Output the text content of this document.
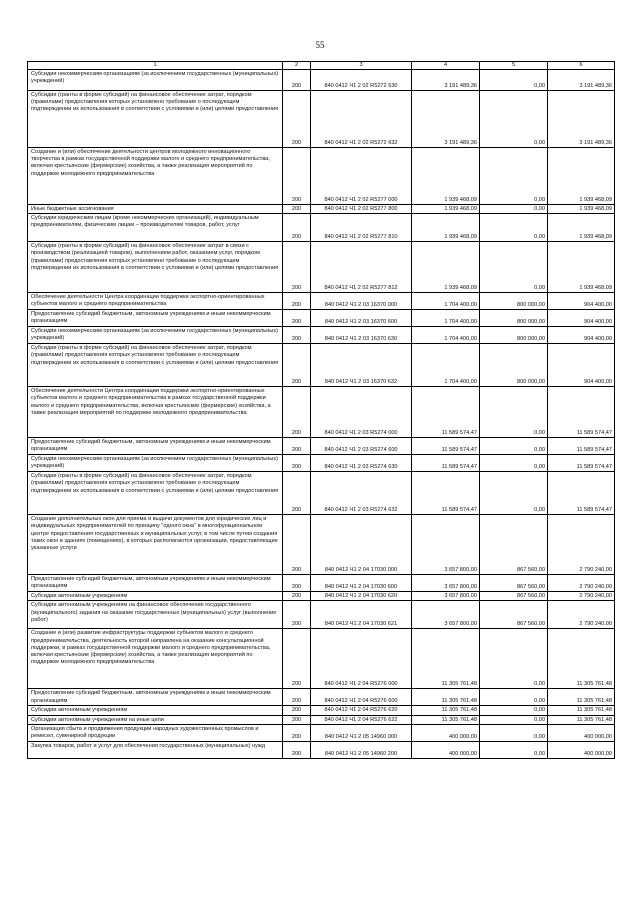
55
1	2	3	4	5	6
Субсидии некоммерческим организациям (за исключением государственных (муниципальных) учреждений)	200	840 0412 Ч1 2 02 R5272 630	3 191 489,36	0,00	3 191 489,36
Субсидии (гранты в форме субсидий) на финансовое обеспечение затрат, порядком (правилами) предоставления которых установлено требование о последующем подтверждении их использования в соответствии с условиями и (или) целями предоставления	200	840 0412 Ч1 2 02 R5272 632	3 191 489,36	0,00	3 191 489,36
Создание и (или) обеспечение деятельности центров молодежного инновационного творчества в рамках государственной поддержки малого и среднего предпринимательства, включая крестьянские (фермерские) хозяйства, а также реализация мероприятий по поддержке молодежного предпринимательства	200	840 0412 Ч1 2 02 R5277 000	1 939 468,09	0,00	1 939 468,09
Иные бюджетные ассигнования	200	840 0412 Ч1 2 02 R5277 800	1 939 468,09	0,00	1 939 468,09
Субсидии юридическим лицам (кроме некоммерческих организаций), индивидуальным предпринимателям, физическим лицам – производителям товаров, работ, услуг	200	840 0412 Ч1 2 02 R5277 810	1 939 468,09	0,00	1 939 468,09
Субсидии (гранты в форме субсидий) на финансовое обеспечение затрат в связи с производством (реализацией товаров), выполнением работ, оказанием услуг, порядком (правилами) предоставления которых установлено требование о последующем подтверждении их использования в соответствии с условиями и (или) целями предоставления	200	840 0412 Ч1 2 02 R5277 812	1 939 468,09	0,00	1 939 468,09
Обеспечение деятельности Центра координации поддержки экспортно-ориентированных субъектов малого и среднего предпринимательства	200	840 0412 Ч1 2 03 16370 000	1 704 400,00	800 000,00	904 400,00
Предоставление субсидий бюджетным, автономным учреждениям и иным некоммерческим организациям	200	840 0412 Ч1 2 03 16370 600	1 704 400,00	800 000,00	904 400,00
Субсидии некоммерческим организациям (за исключением государственных (муниципальных) учреждений)	200	840 0412 Ч1 2 03 16370 630	1 704 400,00	800 000,00	904 400,00
Субсидии (гранты в форме субсидий) на финансовое обеспечение затрат, порядком (правилами) предоставления которых установлено требование о последующем подтверждении их использования в соответствии с условиями и (или) целями предоставления	200	840 0412 Ч1 2 03 16370 632	1 704 400,00	800 000,00	904 400,00
Обеспечение деятельности Центра координации поддержки экспортно-ориентированных субъектов малого и среднего предпринимательства в рамках государственной поддержки малого и среднего предпринимательства, включая крестьянские (фермерские) хозяйства, а также реализация мероприятий по поддержке молодежного предпринимательства	200	840 0412 Ч1 2 03 R5274 000	11 589 574,47	0,00	11 589 574,47
Предоставление субсидий бюджетным, автономным учреждениям и иным некоммерческим организациям	200	840 0412 Ч1 2 03 R5274 600	11 589 574,47	0,00	11 589 574,47
Субсидии некоммерческим организациям (за исключением государственных (муниципальных) учреждений)	200	840 0412 Ч1 2 03 R5274 630	11 589 574,47	0,00	11 589 574,47
Субсидии (гранты в форме субсидий) на финансовое обеспечение затрат, порядком (правилами) предоставления которых установлено требование о последующем подтверждении их использования в соответствии с условиями и (или) целями предоставления	200	840 0412 Ч1 2 03 R5274 632	11 589 574,47	0,00	11 589 574,47
Создание дополнительных окон для приема и выдачи документов для юридических лиц и индивидуальных предпринимателей по принципу "одного окна" в многофункциональном центре предоставления государственных и муниципальных услуг, в том числе путем создания таких окон в зданиях (помещениях), в которых располагаются организации, предоставляющие указанные услуги	200	840 0412 Ч1 2 04 17030 000	3 657 800,00	867 560,00	2 790 240,00
Предоставление субсидий бюджетным, автономным учреждениям и иным некоммерческим организациям	200	840 0412 Ч1 2 04 17030 600	3 657 800,00	867 560,00	2 790 240,00
Субсидии автономным учреждениям	200	840 0412 Ч1 2 04 17030 620	3 657 800,00	867 560,00	2 790 240,00
Субсидии автономным учреждениям на финансовое обеспечение государственного (муниципального) задания на оказание государственных (муниципальных) услуг (выполнение работ)	200	840 0412 Ч1 2 04 17030 621	3 657 800,00	867 560,00	2 790 240,00
Создание и (или) развитие инфраструктуры поддержки субъектов малого и среднего предпринимательства, деятельность которой направлена на оказание консультационной поддержки, в рамках государственной поддержки малого и среднего предпринимательства, включая крестьянские (фермерские) хозяйства, а также реализация мероприятий по поддержке молодежного предпринимательства	200	840 0412 Ч1 2 04 R5276 000	11 305 761,48	0,00	11 305 761,48
Предоставление субсидий бюджетным, автономным учреждениям и иным некоммерческим организациям	200	840 0412 Ч1 2 04 R5276 600	11 305 761,48	0,00	11 305 761,48
Субсидии автономным учреждениям	200	840 0412 Ч1 2 04 R5276 620	11 305 761,48	0,00	11 305 761,48
Субсидии автономным учреждениям на иные цели	200	840 0412 Ч1 2 04 R5276 622	11 305 761,48	0,00	11 305 761,48
Организация сбыта и продвижения продукции народных художественных промыслов и ремесел, сувенирной продукции	200	840 0412 Ч1 2 05 14960 000	400 000,00	0,00	400 000,00
Закупка товаров, работ и услуг для обеспечения государственных (муниципальных) нужд	200	840 0412 Ч1 2 05 14960 200	400 000,00	0,00	400 000,00
